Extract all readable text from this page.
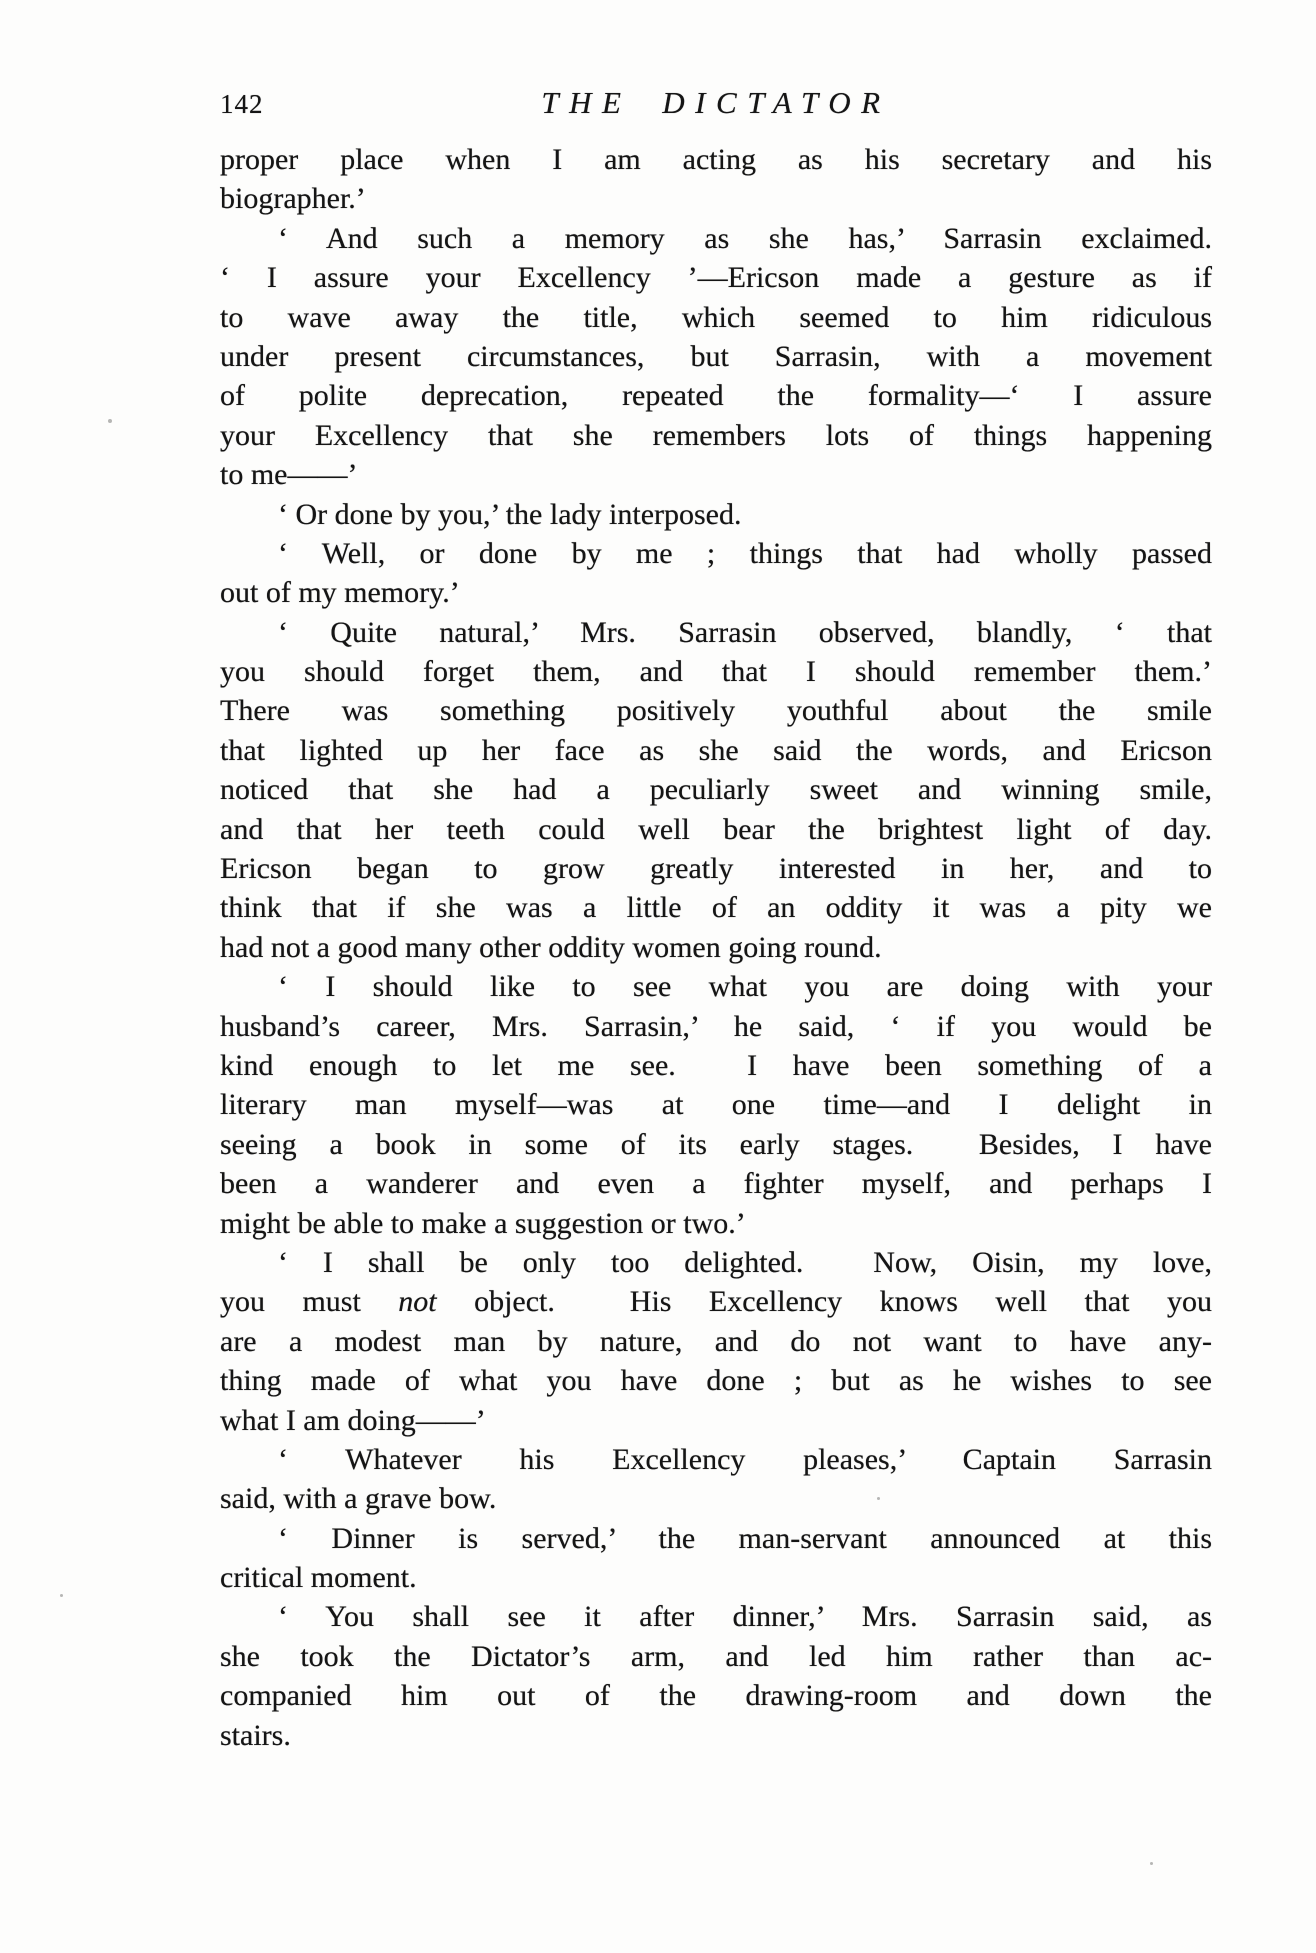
142	THE DICTATOR
proper place when I am acting as his secretary and his
biographer.’
‘ And such a memory as she has,’ Sarrasin exclaimed.
‘ I assure your Excellency ’—Ericson made a gesture as if
to wave away the title, which seemed to him ridiculous
under present circumstances, but Sarrasin, with a movement
of polite deprecation, repeated the formality—‘ I assure
your Excellency that she remembers lots of things happening
to me——’
‘ Or done by you,’ the lady interposed.
‘ Well, or done by me ; things that had wholly passed
out of my memory.’
‘ Quite natural,’ Mrs. Sarrasin observed, blandly, ‘ that
you should forget them, and that I should remember them.’
There was something positively youthful about the smile
that lighted up her face as she said the words, and Ericson
noticed that she had a peculiarly sweet and winning smile,
and that her teeth could well bear the brightest light of day.
Ericson began to grow greatly interested in her, and to
think that if she was a little of an oddity it was a pity we
had not a good many other oddity women going round.
‘ I should like to see what you are doing with your
husband’s career, Mrs. Sarrasin,’ he said, ‘ if you would be
kind enough to let me see.  I have been something of a
literary man myself—was at one time—and I delight in
seeing a book in some of its early stages.  Besides, I have
been a wanderer and even a fighter myself, and perhaps I
might be able to make a suggestion or two.’
‘ I shall be only too delighted.  Now, Oisin, my love,
you must not object.  His Excellency knows well that you
are a modest man by nature, and do not want to have any-
thing made of what you have done ; but as he wishes to see
what I am doing——’
‘ Whatever his Excellency pleases,’ Captain Sarrasin
said, with a grave bow.
‘ Dinner is served,’ the man-servant announced at this
critical moment.
‘ You shall see it after dinner,’ Mrs. Sarrasin said, as
she took the Dictator’s arm, and led him rather than ac-
companied him out of the drawing-room and down the
stairs.
